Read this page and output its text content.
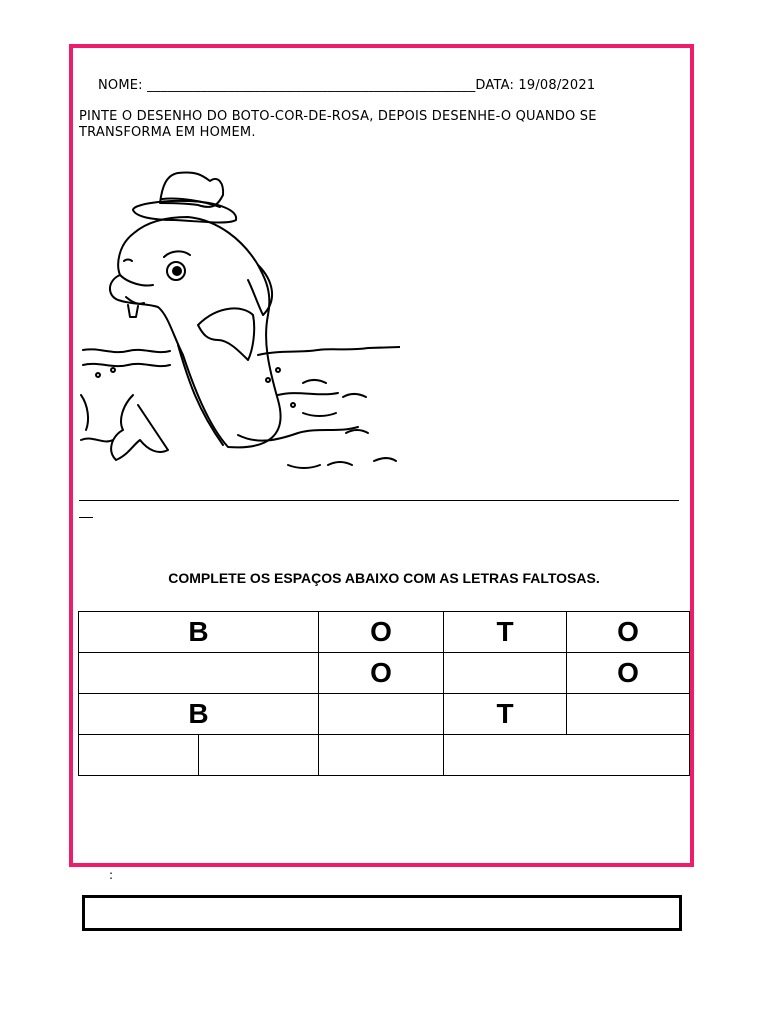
NOME: _________________________________________________DATA: 19/08/2021
PINTE O DESENHO DO BOTO-COR-DE-ROSA, DEPOIS DESENHE-O QUANDO SE TRANSFORMA EM HOMEM.
COMPLETE OS ESPAÇOS ABAIXO COM AS LETRAS FALTOSAS.
B		O	T	O
		O		O
B			T	

:
